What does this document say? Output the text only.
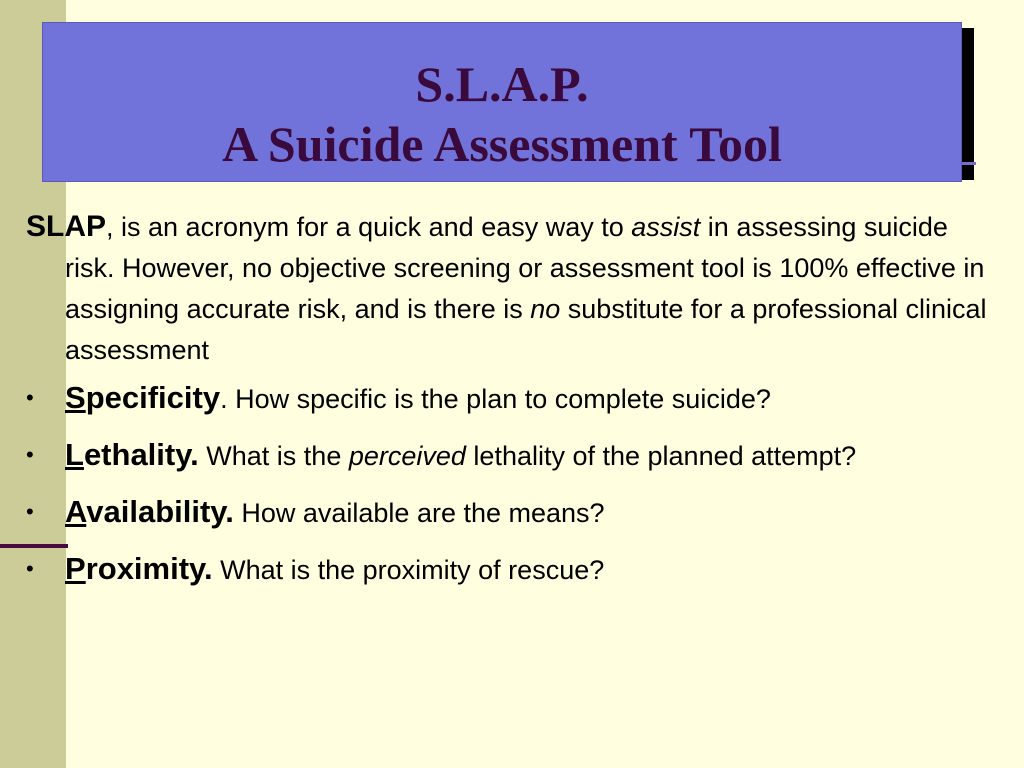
S.L.A.P.
A Suicide Assessment Tool

SLAP, is an acronym for a quick and easy way to assist in assessing suicide risk. However, no objective screening or assessment tool is 100% effective in assigning accurate risk, and is there is no substitute for a professional clinical assessment

•	Specificity. How specific is the plan to complete suicide?
•	Lethality. What is the perceived lethality of the planned attempt?
•	Availability. How available are the means?
•	Proximity. What is the proximity of rescue?
